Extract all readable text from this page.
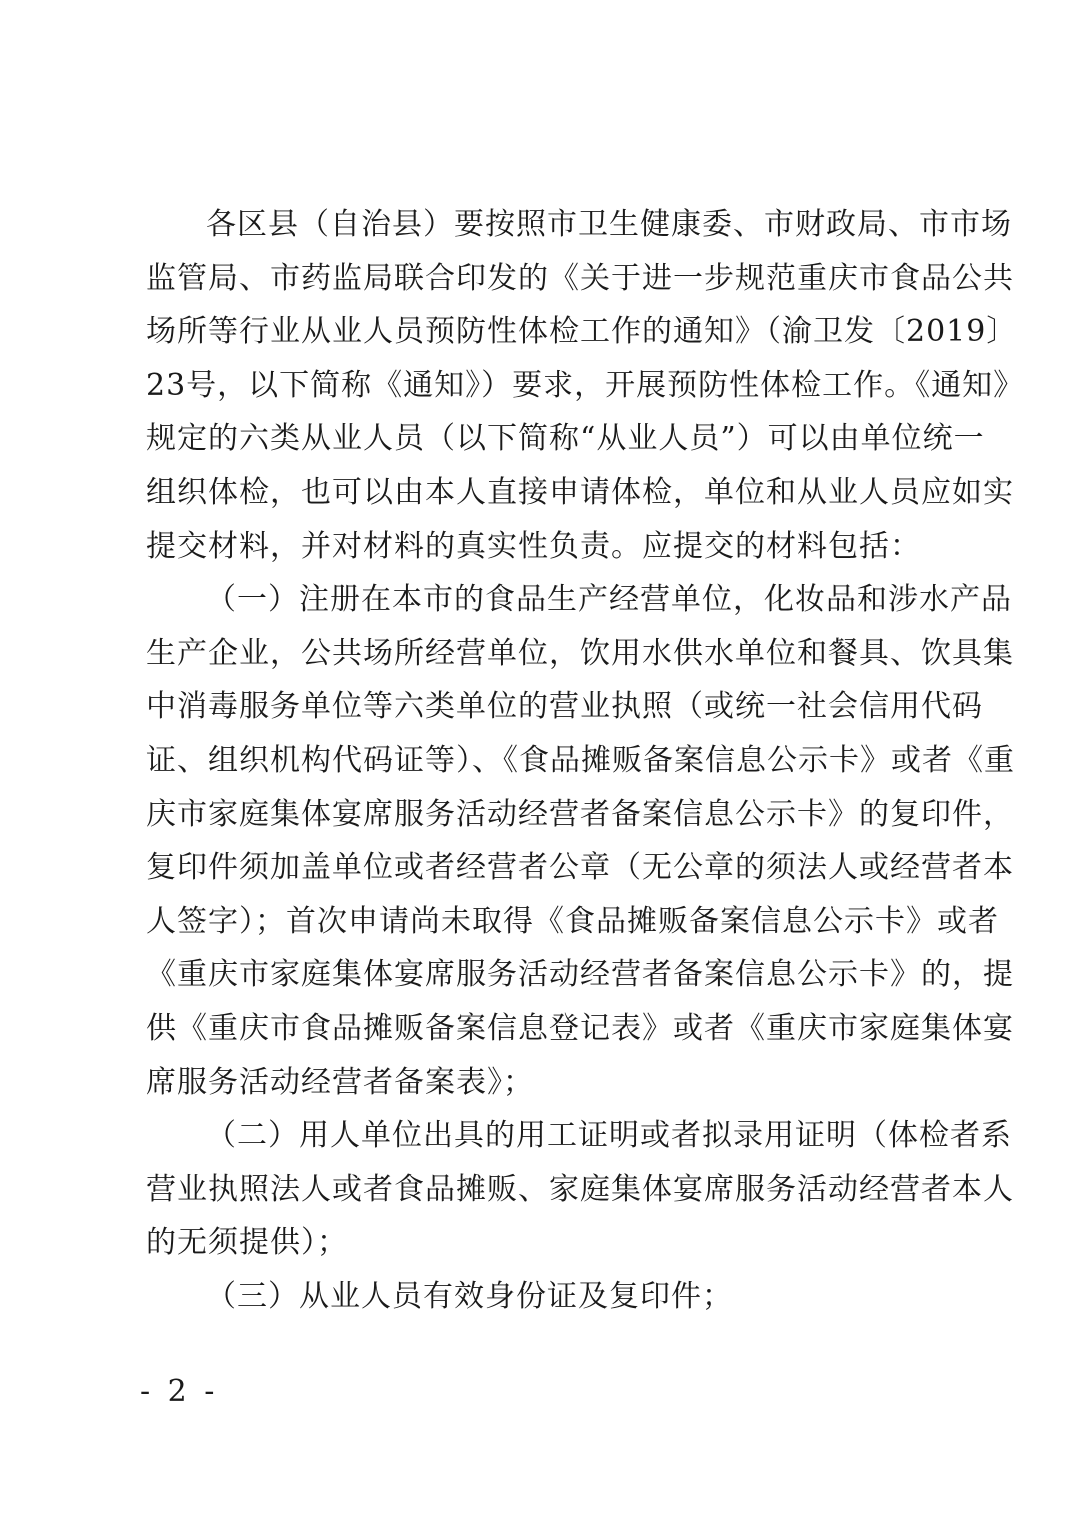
各区县（自治县）要按照市卫生健康委、市财政局、市市场
监管局、市药监局联合印发的《关于进一步规范重庆市食品公共
场所等行业从业人员预防性体检工作的通知》（渝卫发〔2019〕
23号，以下简称《通知》）要求，开展预防性体检工作。《通知》
规定的六类从业人员（以下简称“从业人员”）可以由单位统一
组织体检，也可以由本人直接申请体检，单位和从业人员应如实
提交材料，并对材料的真实性负责。应提交的材料包括：
（一）注册在本市的食品生产经营单位，化妆品和涉水产品
生产企业，公共场所经营单位，饮用水供水单位和餐具、饮具集
中消毒服务单位等六类单位的营业执照（或统一社会信用代码
证、组织机构代码证等）、《食品摊贩备案信息公示卡》或者《重
庆市家庭集体宴席服务活动经营者备案信息公示卡》的复印件，
复印件须加盖单位或者经营者公章（无公章的须法人或经营者本
人签字）；首次申请尚未取得《食品摊贩备案信息公示卡》或者
《重庆市家庭集体宴席服务活动经营者备案信息公示卡》的，提
供《重庆市食品摊贩备案信息登记表》或者《重庆市家庭集体宴
席服务活动经营者备案表》；
（二）用人单位出具的用工证明或者拟录用证明（体检者系
营业执照法人或者食品摊贩、家庭集体宴席服务活动经营者本人
的无须提供）；
（三）从业人员有效身份证及复印件；
- 2 -
